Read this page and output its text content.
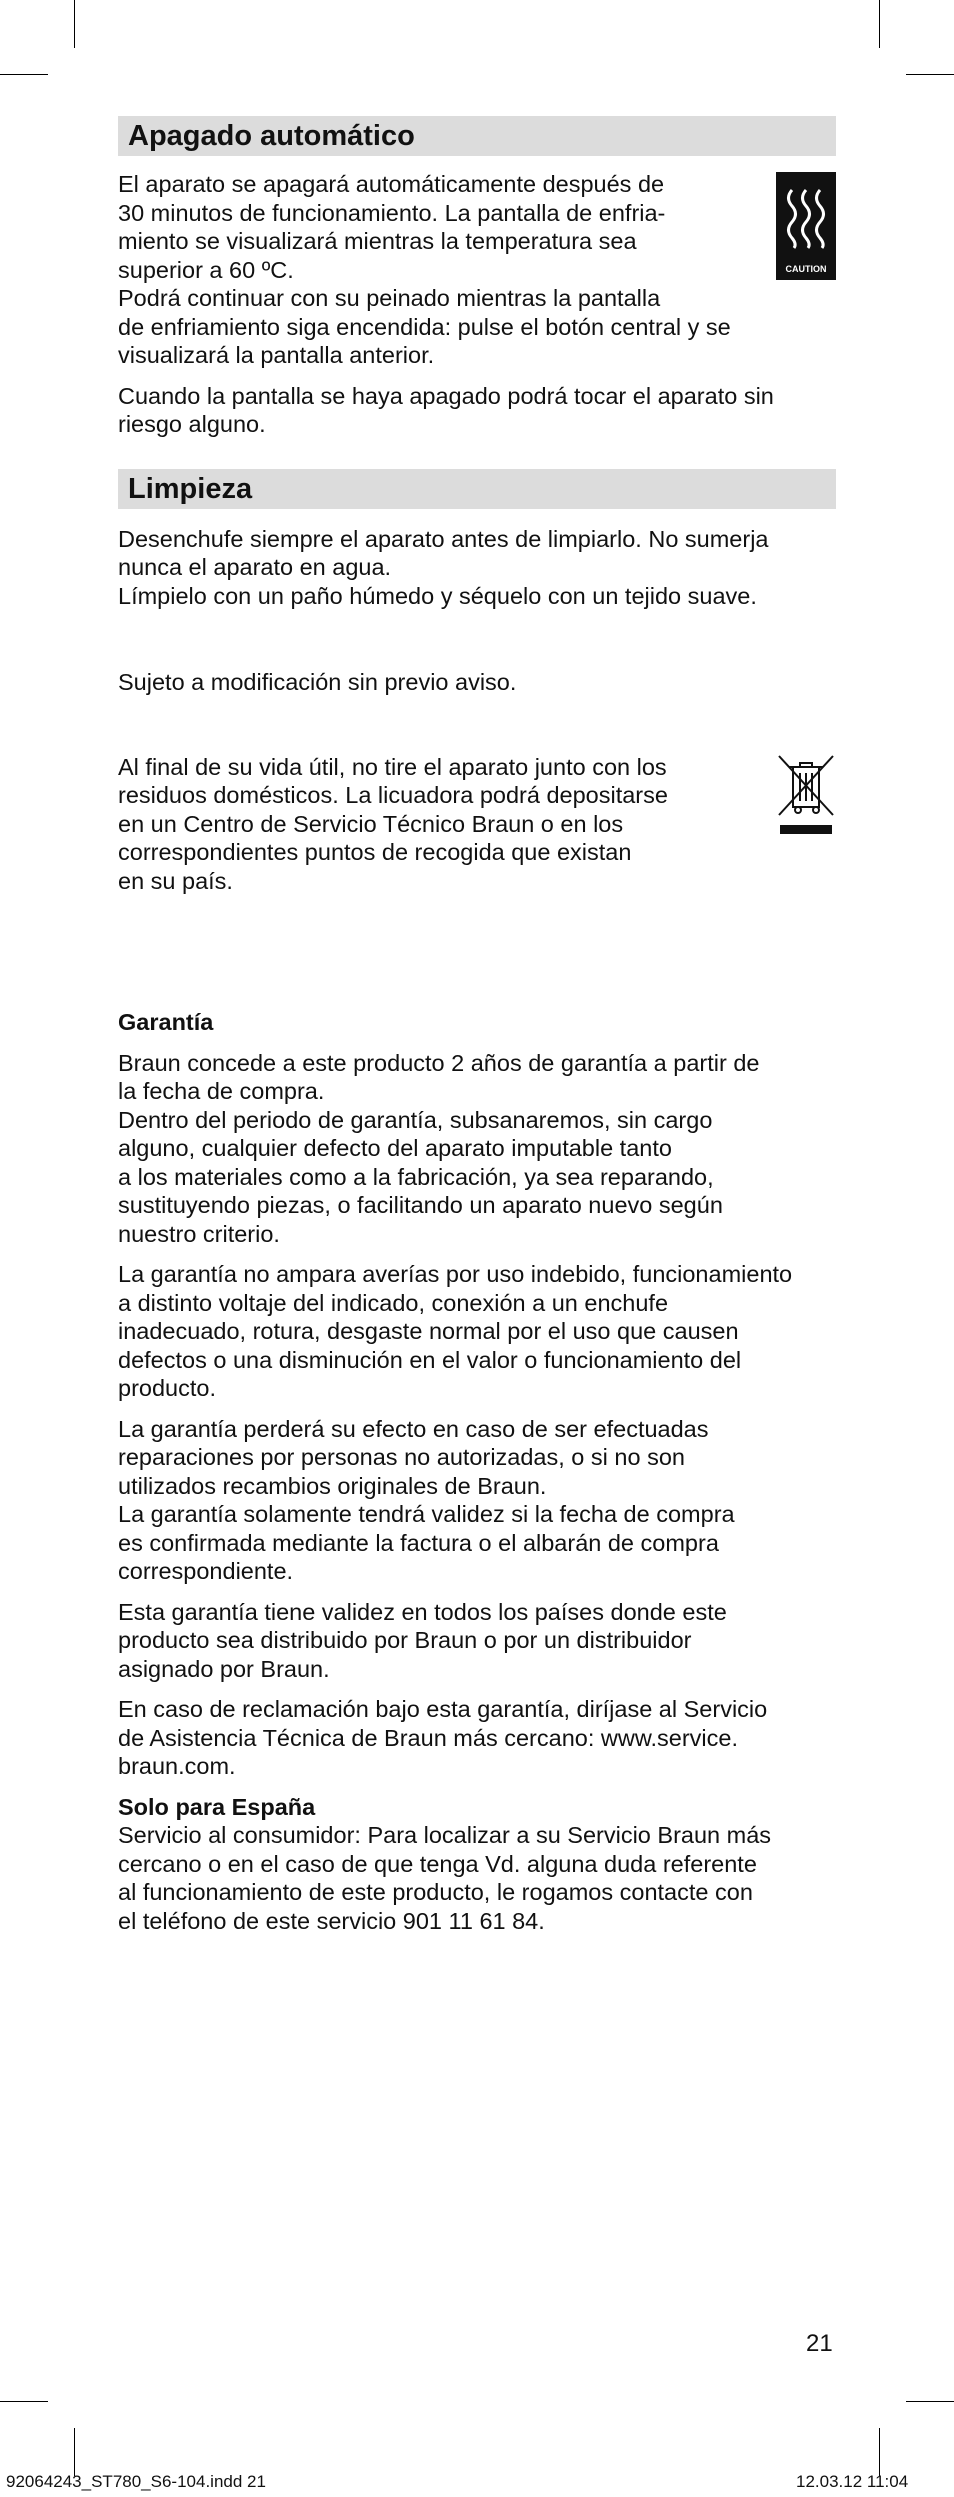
Apagado automático
CAUTION

El aparato se apagará automáticamente después de
30 minutos de funcionamiento. La pantalla de enfria-
miento se visualizará mientras la temperatura sea
superior a 60 ºC.
Podrá continuar con su peinado mientras la pantalla
de enfriamiento siga encendida: pulse el botón central y se
visualizará la pantalla anterior.

Cuando la pantalla se haya apagado podrá tocar el aparato sin
riesgo alguno.

Limpieza

Desenchufe siempre el aparato antes de limpiarlo. No sumerja
nunca el aparato en agua.
Límpielo con un paño húmedo y séquelo con un tejido suave.

Sujeto a modificación sin previo aviso.

Al final de su vida útil, no tire el aparato junto con los
residuos domésticos. La licuadora podrá depositarse
en un Centro de Servicio Técnico Braun o en los
correspondientes puntos de recogida que existan
en su país.

Garantía

Braun concede a este producto 2 años de garantía a partir de
la fecha de compra.
Dentro del periodo de garantía, subsanaremos, sin cargo
alguno, cualquier defecto del aparato imputable tanto
a los materiales como a la fabricación, ya sea reparando,
sustituyendo piezas, o facilitando un aparato nuevo según
nuestro criterio.

La garantía no ampara averías por uso indebido, funcionamiento
a distinto voltaje del indicado, conexión a un enchufe
inadecuado, rotura, desgaste normal por el uso que causen
defectos o una disminución en el valor o funcionamiento del
producto.

La garantía perderá su efecto en caso de ser efectuadas
reparaciones por personas no autorizadas, o si no son
utilizados recambios originales de Braun.
La garantía solamente tendrá validez si la fecha de compra
es confirmada mediante la factura o el albarán de compra
correspondiente.

Esta garantía tiene validez en todos los países donde este
producto sea distribuido por Braun o por un distribuidor
asignado por Braun.

En caso de reclamación bajo esta garantía, diríjase al Servicio
de Asistencia Técnica de Braun más cercano: www.service.
braun.com.

Solo para España

Servicio al consumidor: Para localizar a su Servicio Braun más
cercano o en el caso de que tenga Vd. alguna duda referente
al funcionamiento de este producto, le rogamos contacte con
el teléfono de este servicio 901 11 61 84.

21
92064243_ST780_S6-104.indd 21	12.03.12 11:04
